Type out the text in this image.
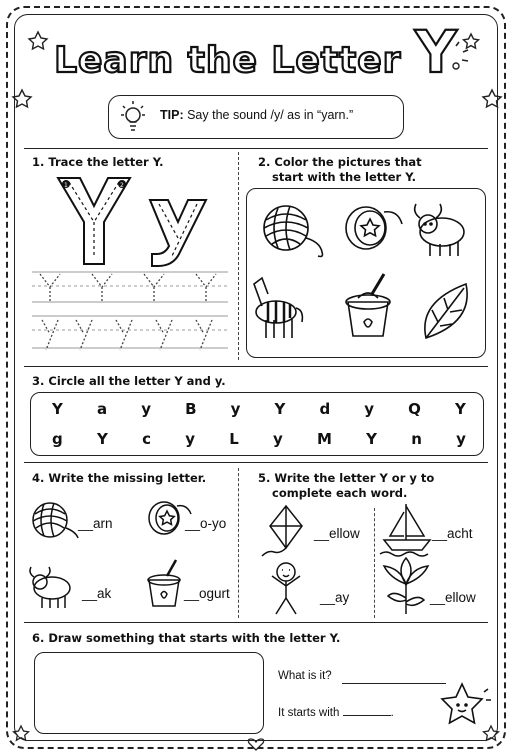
Learn the Letter Y
TIP: Say the sound /y/ as in “yarn.”
1. Trace the letter Y.
1	2
2. Color the pictures that
start with the letter Y.
3. Circle all the letter Y and y.
Y a y B y Y d y Q Y
g Y c y L y M Y n y
4. Write the missing letter.
__arn	__o-yo
__ak	__ogurt
5. Write the letter Y or y to
complete each word.
__ellow	__acht
__ay	__ellow
6. Draw something that starts with the letter Y.
What is it?
It starts with	.
